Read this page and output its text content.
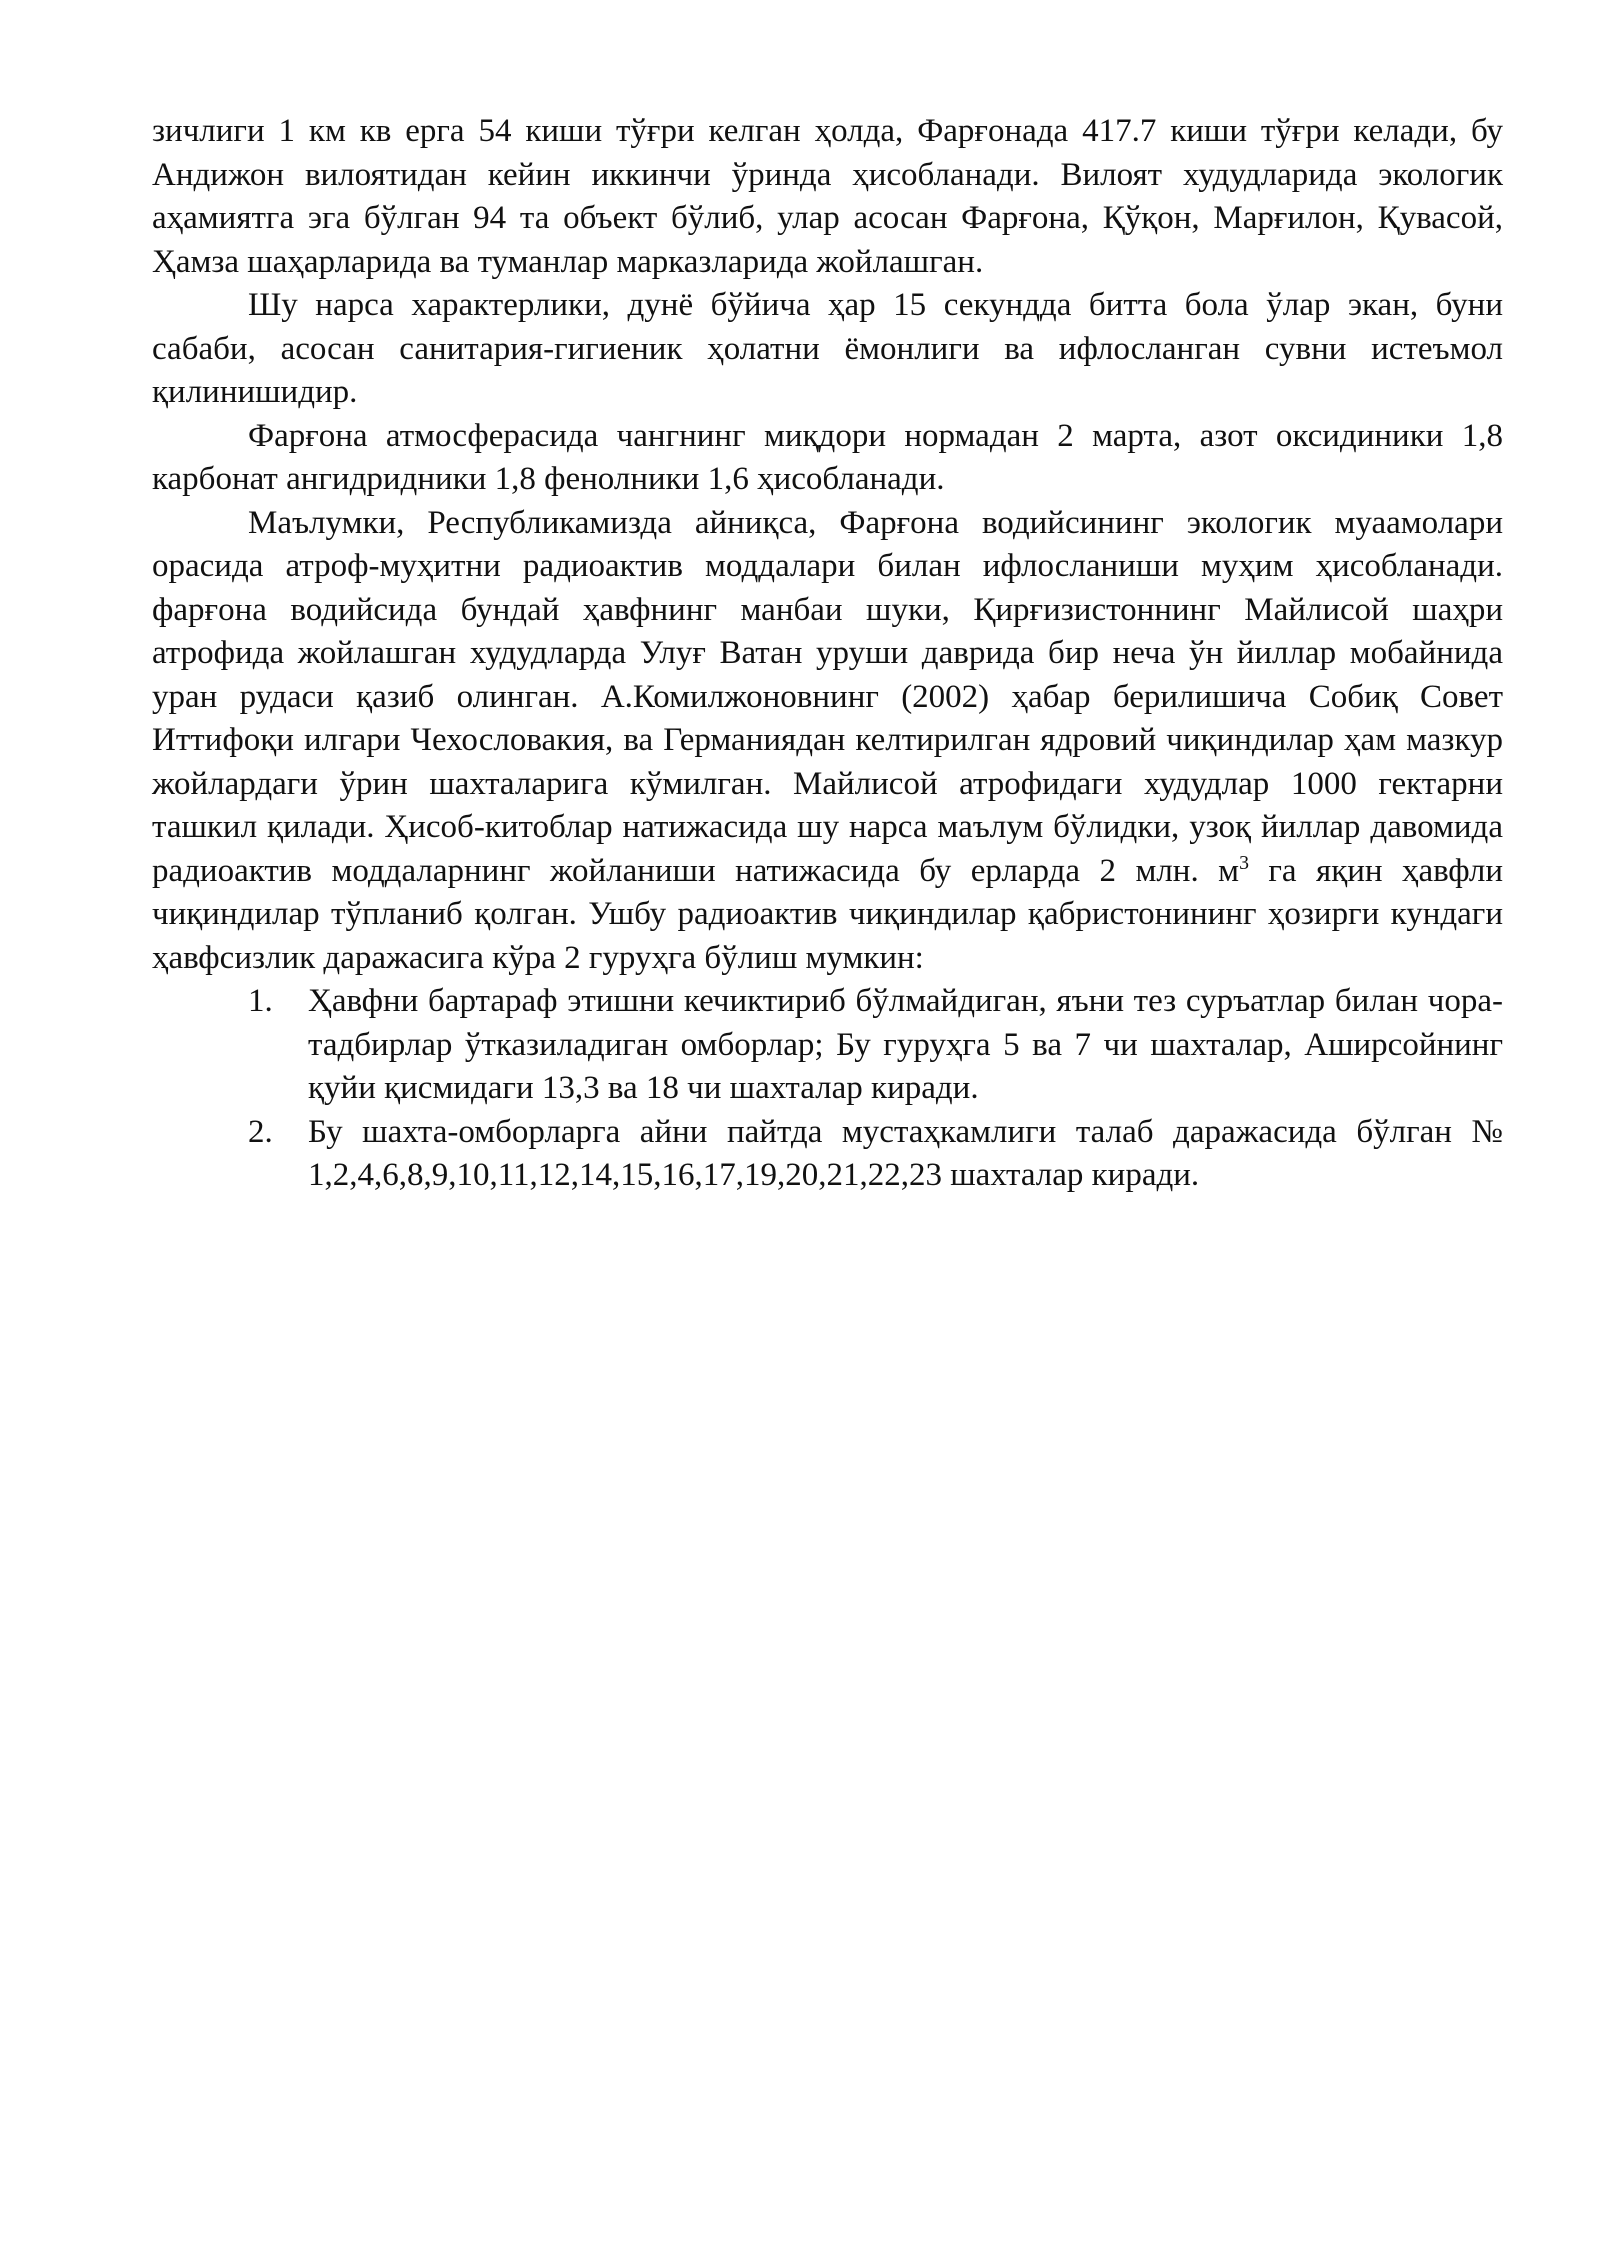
зичлиги 1 км кв ерга 54 киши тўғри келган ҳолда, Фарғонада 417.7 киши тўғри келади, бу Андижон вилоятидан кейин иккинчи ўринда ҳисобланади. Вилоят худудларида экологик аҳамиятга эга бўлган 94 та объект бўлиб, улар асосан Фарғона, Қўқон, Марғилон, Қувасой, Ҳамза шаҳарларида ва туманлар марказларида жойлашган.

Шу нарса характерлики, дунё бўйича ҳар 15 секундда битта бола ўлар экан, буни сабаби, асосан санитария-гигиеник ҳолатни ёмонлиги ва ифлосланган сувни истеъмол қилинишидир.

Фарғона атмосферасида чангнинг миқдори нормадан 2 марта, азот оксидиники 1,8 карбонат ангидридники 1,8 фенолники 1,6 ҳисобланади.

Маълумки, Республикамизда айниқса, Фарғона водийсининг экологик муаамолари орасида атроф-муҳитни радиоактив моддалари билан ифлосланиши муҳим ҳисобланади. фарғона водийсида бундай ҳавфнинг манбаи шуки, Қирғизистоннинг Майлисой шаҳри атрофида жойлашган худудларда Улуғ Ватан уруши даврида бир неча ўн йиллар мобайнида уран рудаси қазиб олинган. А.Комилжоновнинг (2002) ҳабар берилишича Собиқ Совет Иттифоқи илгари Чехословакия, ва Германиядан келтирилган ядровий чиқиндилар ҳам мазкур жойлардаги ўрин шахталарига кўмилган. Майлисой атрофидаги худудлар 1000 гектарни ташкил қилади. Ҳисоб-китоблар натижасида шу нарса маълум бўлидки, узоқ йиллар давомида радиоактив моддаларнинг жойланиши натижасида бу ерларда 2 млн. $м^3$ га яқин ҳавфли чиқиндилар тўпланиб қолган. Ушбу радиоактив чиқиндилар қабристонининг ҳозирги кундаги ҳавфсизлик даражасига кўра 2 гуруҳга бўлиш мумкин:

1.	Ҳавфни бартараф этишни кечиктириб бўлмайдиган, яъни тез суръатлар билан чора-тадбирлар ўтказиладиган омборлар; Бу гуруҳга 5 ва 7 чи шахталар, Аширсойнинг қуйи қисмидаги 13,3 ва 18 чи шахталар киради.
2.	Бу шахта-омборларга айни пайтда мустаҳкамлиги талаб даражасида бўлган № 1,2,4,6,8,9,10,11,12,14,15,16,17,19,20,21,22,23 шахталар киради.
